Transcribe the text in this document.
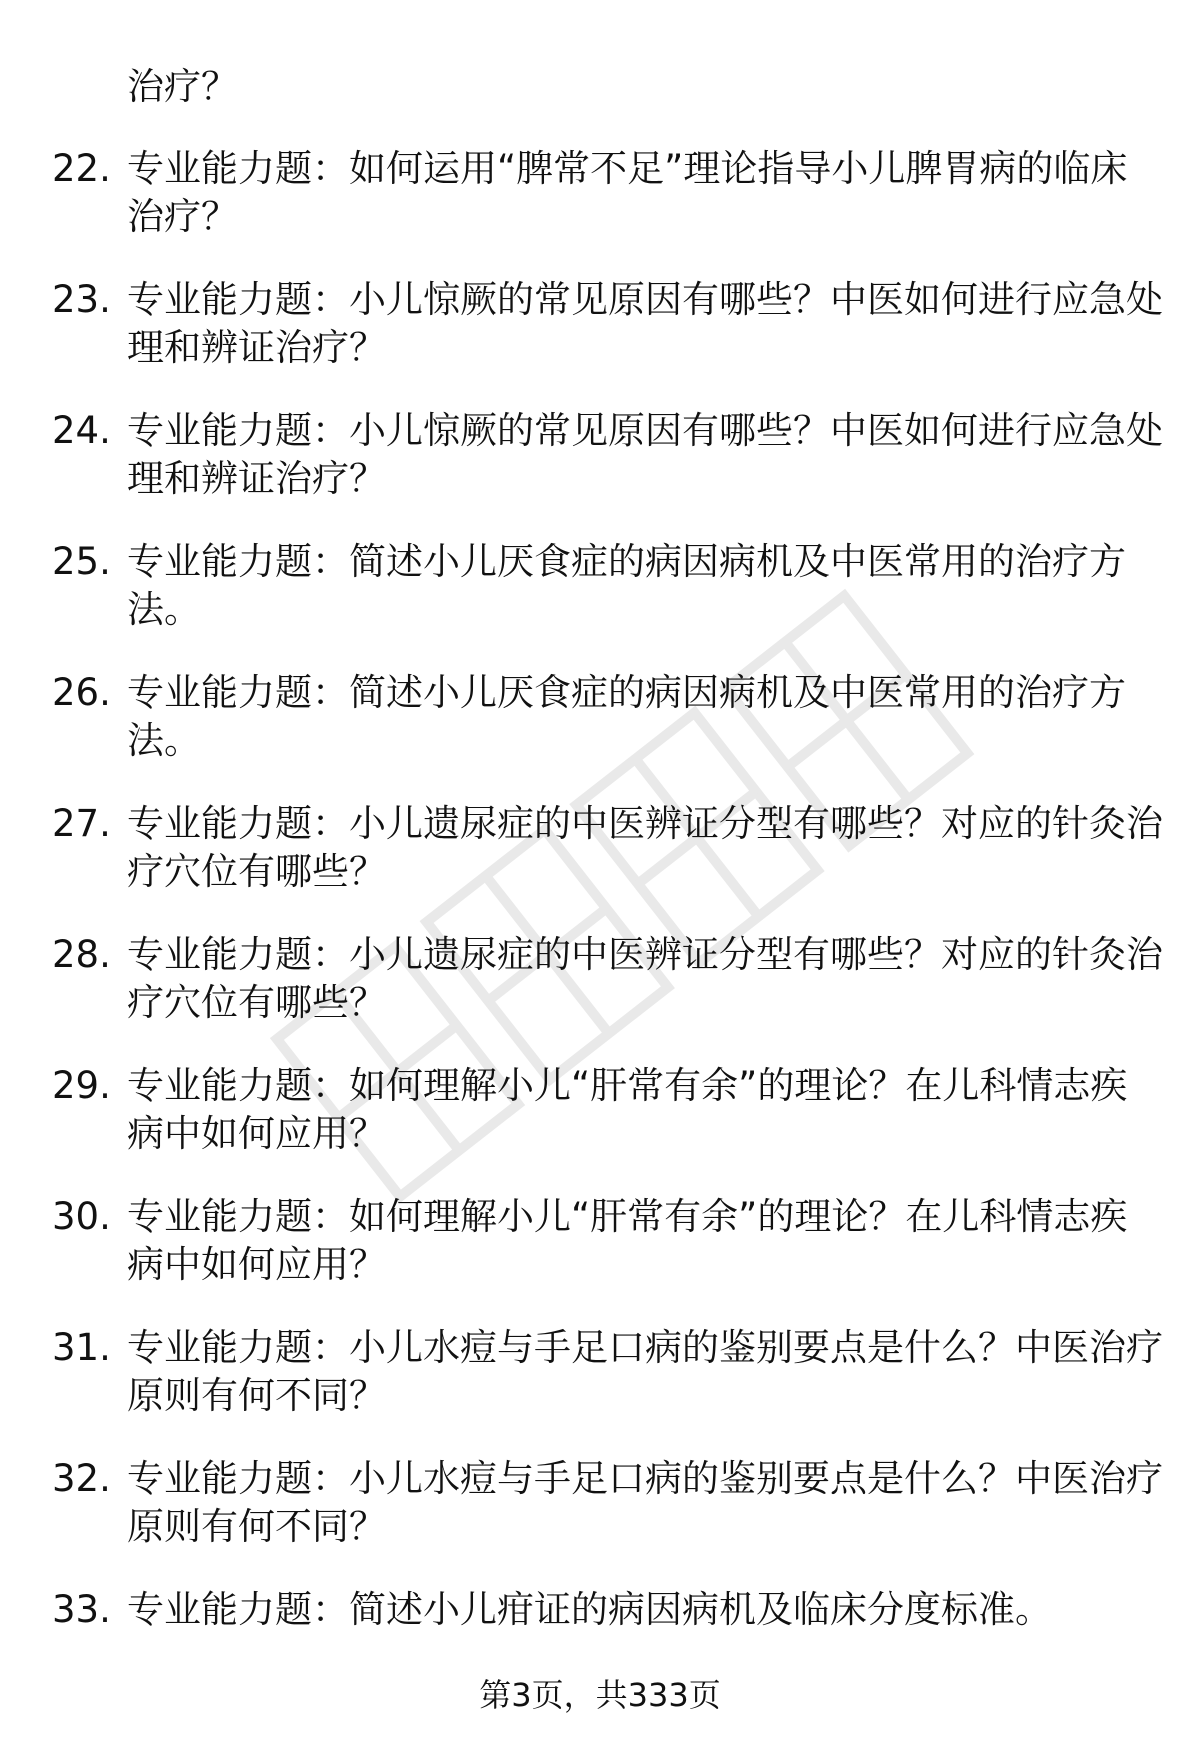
治疗？
22. 专业能力题：如何运用“脾常不足”理论指导小儿脾胃病的临床
治疗？
23. 专业能力题：小儿惊厥的常见原因有哪些？中医如何进行应急处
理和辨证治疗？
24. 专业能力题：小儿惊厥的常见原因有哪些？中医如何进行应急处
理和辨证治疗？
25. 专业能力题：简述小儿厌食症的病因病机及中医常用的治疗方
法。
26. 专业能力题：简述小儿厌食症的病因病机及中医常用的治疗方
法。
27. 专业能力题：小儿遗尿症的中医辨证分型有哪些？对应的针灸治
疗穴位有哪些？
28. 专业能力题：小儿遗尿症的中医辨证分型有哪些？对应的针灸治
疗穴位有哪些？
29. 专业能力题：如何理解小儿“肝常有余”的理论？在儿科情志疾
病中如何应用？
30. 专业能力题：如何理解小儿“肝常有余”的理论？在儿科情志疾
病中如何应用？
31. 专业能力题：小儿水痘与手足口病的鉴别要点是什么？中医治疗
原则有何不同？
32. 专业能力题：小儿水痘与手足口病的鉴别要点是什么？中医治疗
原则有何不同？
33. 专业能力题：简述小儿疳证的病因病机及临床分度标准。
第3页，共333页
